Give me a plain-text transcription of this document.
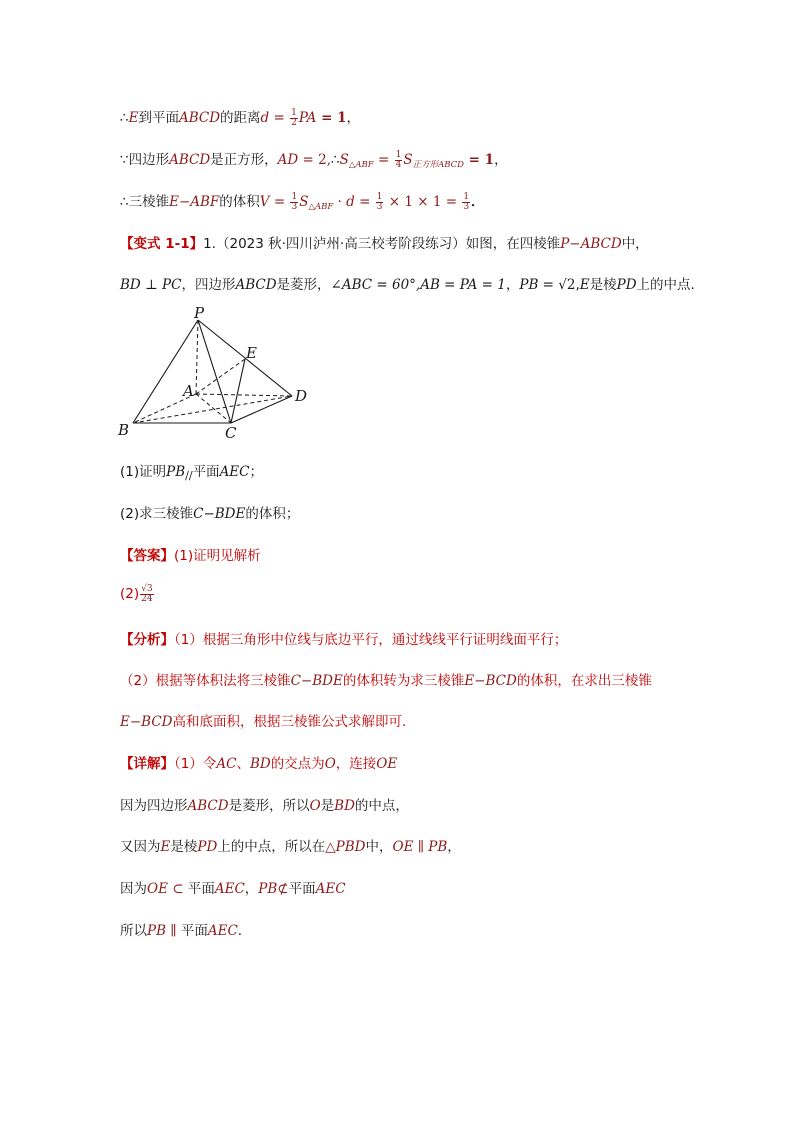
∴E到平面ABCD的距离$d = \frac{1}{2}$ PA = 1，
∵四边形ABCD是正方形，AD = $2,\therefore S_{\triangle ABF} = \frac{1}{4} S_{正方形ABCD} = 1$，
∴三棱锥E−ABF的体积$V = \frac{1}{3} S_{\triangle ABF} \cdot d = \frac{1}{3} \times 1 \times 1 = \frac{1}{3}$ ．
【变式 1-1】1.（2023 秋·四川泸州·高三校考阶段练习）如图，在四棱锥P−ABCD中，
BD ⊥ PC，四边形ABCD是菱形，∠ABC = 60°,AB = PA = 1，PB = √2,E是棱PD上的中点．
P
E
A	D
B	C
(1)证明$PB_{//}$平面AEC；
(2)求三棱锥C−BDE的体积；
【答案】(1)证明见解析
$(2) \frac{√3}{24}$
【分析】（1）根据三角形中位线与底边平行，通过线线平行证明线面平行；
（2）根据等体积法将三棱锥C−BDE的体积转为求三棱锥E−BCD的体积，在求出三棱锥
E−BCD高和底面积，根据三棱锥公式求解即可.
【详解】（1）令AC、BD的交点为O，连接OE
因为四边形ABCD是菱形，所以O是BD的中点，
又因为E是棱PD上的中点，所以在△PBD中，OE ∥ PB，
因为OE ⊂ 平面AEC，PB⊄平面AEC
所以PB ∥ 平面AEC.
